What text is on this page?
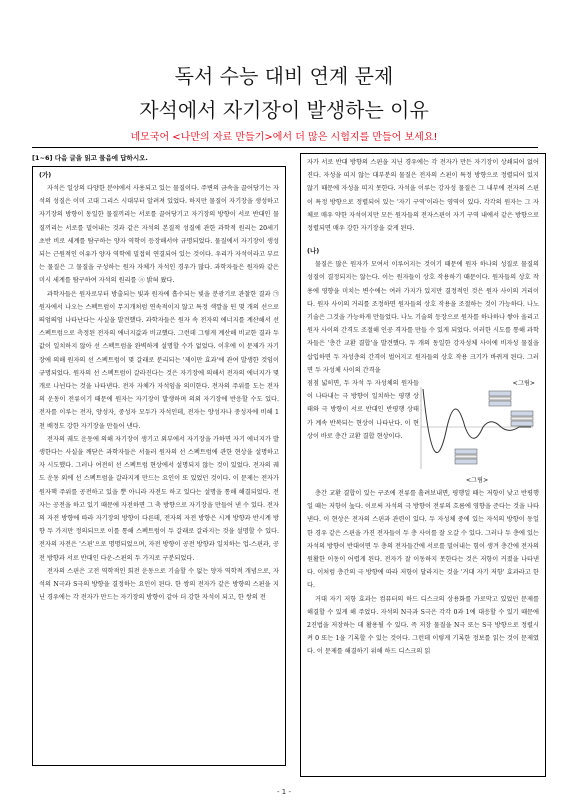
독서 수능 대비 연계 문제
자석에서 자기장이 발생하는 이유
네모국어 <나만의 자료 만들기>에서 더 많은 시험지를 만들어 보세요!
[1~6] 다음 글을 읽고 물음에 답하시오.
(가)

자석은 일상의 다양한 분야에서 사용되고 있는 물질이다. 주변의 금속을 끌어당기는 자석의 성질은 이미 고대 그리스 시대부터 알려져 있었다. 하지만 물질이 자기장을 생성하고 자기장의 방향이 동일한 물질끼리는 서로를 끌어당기고 자기장의 방향이 서로 반대인 물질끼리는 서로를 밀어내는 것과 같은 자석의 본질적 성질에 관한 과학적 원리는 20세기 초반 비로 세계를 탐구하는 양자 역학이 등장해서야 규명되었다. 물질에서 자기장이 생성되는 근원적인 이유가 양자 역학에 밀접히 연결되어 있는 것이다. 우리가 자석이라고 부르는 물질은 그 물질을 구성하는 원자 자체가 자석인 경우가 많다. 과학자들은 원자와 같은 미시 세계를 탐구하여 자석의 원리를 ⓐ 밝혀 왔다.

과학자들은 원자로부터 방출되는 빛과 원자에 흡수되는 빛을 분광기로 관찰한 결과 ㉠ 원자에서 나오는 스펙트럼이 무지개처럼 연속적이지 않고 특정 색깔을 띤 몇 개의 선으로 띄엄띄엄 나타난다는 사실을 발견했다. 과학자들은 원자 속 전자의 에너지를 계산해서 선 스펙트럼으로 측정된 전자의 에너지값과 비교했다. 그런데 그렇게 계산해 비교한 결과 두 값이 일치하지 않아 선 스펙트럼을 완벽하게 설명할 수가 없었다. 이후에 이 문제가 자기장에 의해 원자의 선 스펙트럼이 몇 갈래로 분리되는 '제이만 효과'에 관여 발생한 것임이 규명되었다. 원자의 선 스펙트럼이 갈라진다는 것은 자기장에 의해서 전자의 에너지가 몇 개로 나뉜다는 것을 나타낸다. 전자 자체가 자석임을 의미한다. 전자의 주위를 도는 전자의 운동이 전류이기 때문에 원자는 자기장이 발생하며 의외 자기장에 반응할 수도 있다. 전자를 이루는 전자, 양성자, 중성자 모두가 자석인데, 전자는 양성자나 중성자에 비해 1천 배정도 강한 자기장을 만들어 낸다.

전자의 궤도 운동에 의해 자기장이 생기고 외부에서 자기장을 가하면 자기 에너지가 발생한다는 사실을 깨닫은 과학자들은 서둘러 원자의 선 스펙트럼에 관한 현상을 설명하고자 시도했다. 그러나 여전히 선 스펙트럼 현상에서 설명되지 않는 것이 있었다. 전자의 궤도 운동 외에 선 스펙트럼을 갈라지게 만드는 요인이 또 있었던 것이다. 이 문제는 전자가 원자핵 주위를 공전하고 있을 뿐 아니라 자전도 하고 있다는 설명을 통해 해결되었다. 전자는 공전을 하고 있기 때문에 자전하면 그 축 방향으로 자기장을 만들어 낸 수 있다. 전자의 자전 방향에 따라 자기장의 방향이 다른데, 전자의 자전 방향은 시계 방향과 반시계 방향 두 가지만 정의되므로 이를 통해 스펙트럼이 두 갈래로 갈라지는 것을 설명할 수 있다. 전자의 자전은 '스핀'으로 명명되었으며, 자전 방향이 공전 방향과 일치하는 업-스핀과, 공전 방향과 서로 반대인 다운-스핀의 두 가지로 구분되었다.

전자의 스핀은 고전 역학적인 회전 운동으로 기술할 수 없는 양자 역학적 개념으로, 자석의 N극과 S극의 방향을 결정하는 요인이 된다. 한 쌍의 전자가 같은 방향의 스핀을 지닌 경우에는 각 전자가 만드는 자기장의 방향이 같아 더 강한 자석이 되고, 한 쌍의 전

자가 서로 반대 방향의 스핀을 지닌 경우에는 각 전자가 만든 자기장이 상쇄되어 없어진다. 자성을 띠지 않는 대부분의 물질은 전자의 스핀이 특정 방향으로 정렬되어 있지 않기 때문에 자성을 띠지 못한다. 자석을 이루는 강자성 물질은 그 내부에 전자의 스핀이 특정 방향으로 정렬되어 있는 '자기 구역'이라는 영역이 있다. 각각의 원자는 그 자체로 매우 약한 자석이지만 모든 원자들의 전자스핀이 자기 구역 내에서 같은 방향으로 정렬되면 매우 강한 자기장을 갖게 된다.

(나)

물질은 많은 원자가 모여서 이루어지는 것이기 때문에 원자 하나의 성질로 물질의 성질이 결정되지는 않는다. 이는 원자들이 상호 작용하기 때문이다. 원자들의 상호 작용에 영향을 미치는 변수에는 여러 가지가 있지만 결정적인 것은 원자 사이의 거리이다. 원자 사이의 거리를 조정하면 원자들의 상호 작용을 조절하는 것이 가능하다. 나노 기술은 그것을 가능하게 만들었다. 나노 기술의 등장으로 원자를 하나하나 쌓아 올리고 원자 사이의 간격도 조절해 인공 격자를 만들 수 있게 되었다. 이러한 시도를 통해 과학자들은 '층간 교환 결합'을 발견했다. 두 개의 동일한 강자성체 사이에 비자성 물질을 삽입하면 두 자성층의 간격이 벌어지고 원자들의 상호 작용 크기가 바뀌게 된다. 그러면 두 자성체 사이의 간격을

점점 넓히면, 두 자석 두 자성체의 원자들이 나타내는 극 방향이 일치하는 평행 상태와 극 방향이 서로 반대인 반평행 상태가 계속 반복되는 현상이 나타난다. 이 현상이 바로 층간 교환 결합 현상이다.
<그림>
<그림>

층간 교환 결합이 있는 구조에 전류를 흘려보내면, 평행일 때는 저항이 낮고 반평행일 때는 저항이 높다. 이로써 자석의 극 방향이 전류의 흐름에 영향을 준다는 것을 나타낸다. 이 현상은 전자의 스핀과 관련이 있다. 두 자성체 중에 있는 자석의 방향이 동일한 경우 같은 스핀을 가진 전자들이 두 층 사이를 잘 오갈 수 있다. 그러나 두 층에 있는 자석의 방향이 반대이면 두 층의 전자들간에 서로를 밀어내는 힘이 생겨 층간에 전자의 원활한 이동이 어렵게 된다. 전자가 잘 이동하지 못한다는 것은 저항이 커졌을 나타낸다. 이처럼 층간의 극 방향에 따라 저항이 달라지는 것을 '거대 자기 저항' 효과라고 한다.

거대 자기 저항 효과는 컴퓨터의 하드 디스크의 상용화를 가로막고 있었던 문제를 해결할 수 있게 해 주었다. 자석의 N극과 S극은 각각 0과 1에 대응할 수 있기 때문에 2진법을 저장하는 데 활용될 수 있다. 즉 저장 물질을 N극 또는 S극 방향으로 정렬시켜 0 또는 1을 기록할 수 있는 것이다. 그런데 이렇게 기록한 정보를 읽는 것이 문제였다. 이 문제를 해결하기 위해 하드 디스크의 읽

- 1 -
